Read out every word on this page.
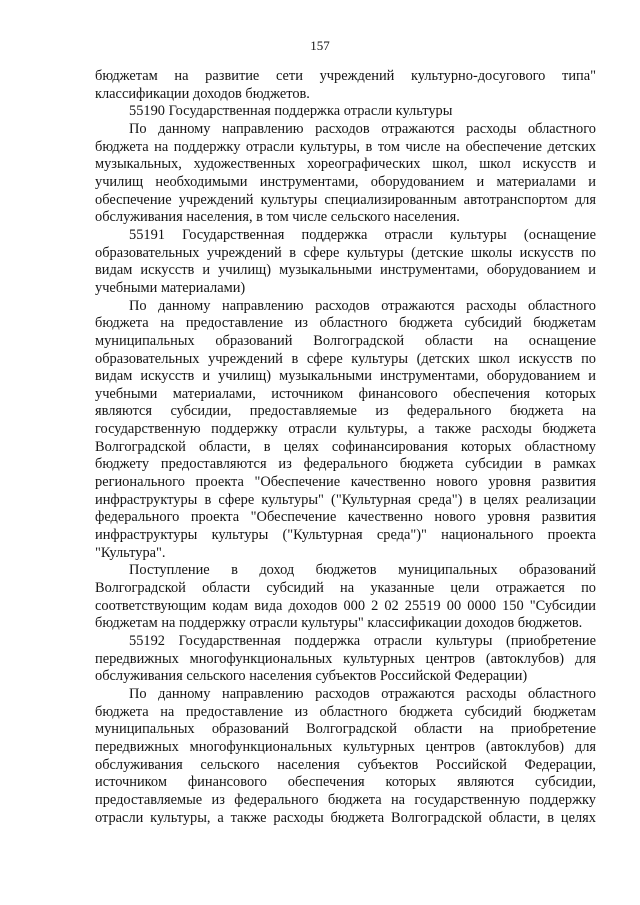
157

бюджетам на развитие сети учреждений культурно-досугового типа" классификации доходов бюджетов.

55190 Государственная поддержка отрасли культуры

По данному направлению расходов отражаются расходы областного бюджета на поддержку отрасли культуры, в том числе на обеспечение детских музыкальных, художественных хореографических школ, школ искусств и училищ необходимыми инструментами, оборудованием и материалами и обеспечение учреждений культуры специализированным автотранспортом для обслуживания населения, в том числе сельского населения.

55191 Государственная поддержка отрасли культуры (оснащение образовательных учреждений в сфере культуры (детские школы искусств по видам искусств и училищ) музыкальными инструментами, оборудованием и учебными материалами)

По данному направлению расходов отражаются расходы областного бюджета на предоставление из областного бюджета субсидий бюджетам муниципальных образований Волгоградской области на оснащение образовательных учреждений в сфере культуры (детских школ искусств по видам искусств и училищ) музыкальными инструментами, оборудованием и учебными материалами, источником финансового обеспечения которых являются субсидии, предоставляемые из федерального бюджета на государственную поддержку отрасли культуры, а также расходы бюджета Волгоградской области, в целях софинансирования которых областному бюджету предоставляются из федерального бюджета субсидии в рамках регионального проекта "Обеспечение качественно нового уровня развития инфраструктуры в сфере культуры" ("Культурная среда") в целях реализации федерального проекта "Обеспечение качественно нового уровня развития инфраструктуры культуры ("Культурная среда")" национального проекта "Культура".

Поступление в доход бюджетов муниципальных образований Волгоградской области субсидий на указанные цели отражается по соответствующим кодам вида доходов 000 2 02 25519 00 0000 150 "Субсидии бюджетам на поддержку отрасли культуры" классификации доходов бюджетов.

55192 Государственная поддержка отрасли культуры (приобретение передвижных многофункциональных культурных центров (автоклубов) для обслуживания сельского населения субъектов Российской Федерации)

По данному направлению расходов отражаются расходы областного бюджета на предоставление из областного бюджета субсидий бюджетам муниципальных образований Волгоградской области на приобретение передвижных многофункциональных культурных центров (автоклубов) для обслуживания сельского населения субъектов Российской Федерации, источником финансового обеспечения которых являются субсидии, предоставляемые из федерального бюджета на государственную поддержку отрасли культуры, а также расходы бюджета Волгоградской области, в целях
